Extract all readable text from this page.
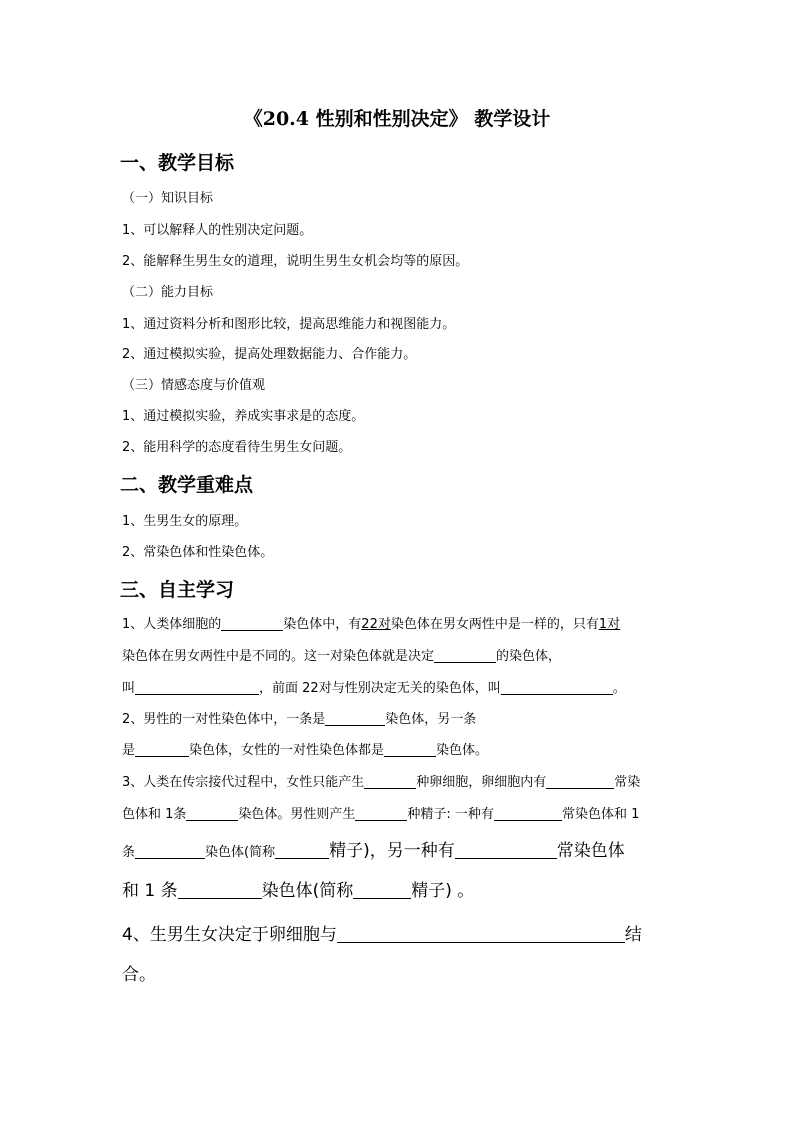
《20.4 性别和性别决定》 教学设计
一、教学目标
（一）知识目标
1、可以解释人的性别决定问题。
2、能解释生男生女的道理，说明生男生女机会均等的原因。
（二）能力目标
1、通过资料分析和图形比较，提高思维能力和视图能力。
2、通过模拟实验，提高处理数据能力、合作能力。
（三）情感态度与价值观
1、通过模拟实验，养成实事求是的态度。
2、能用科学的态度看待生男生女问题。
二、教学重难点
1、生男生女的原理。
2、常染色体和性染色体。
三、自主学习
1、人类体细胞的	染色体中，有22对染色体在男女两性中是一样的，只有1对
染色体在男女两性中是不同的。这一对染色体就是决定	的染色体，
叫	，前面 22对与性别决定无关的染色体，叫	。
2、男性的一对性染色体中，一条是	染色体，另一条
是	染色体，女性的一对性染色体都是	染色体。
3、人类在传宗接代过程中，女性只能产生	种卵细胞，卵细胞内有	常染
色体和 1条	染色体。男性则产生	种精子: 一种有	常染色体和 1
条	染色体(简称	精子)，另一种有	常染色体
和 1 条	染色体(简称	精子) 。
4、生男生女决定于卵细胞与	结
合。
